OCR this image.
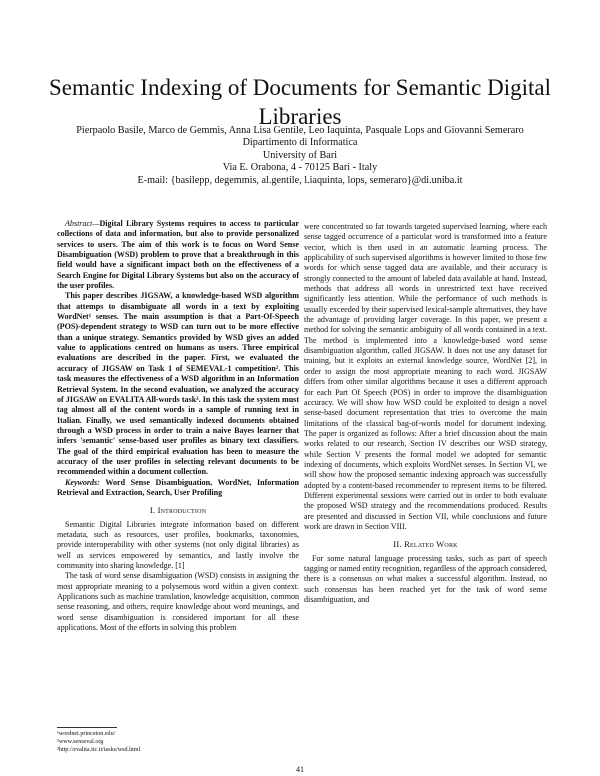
Semantic Indexing of Documents for Semantic Digital Libraries
Pierpaolo Basile, Marco de Gemmis, Anna Lisa Gentile, Leo Iaquinta, Pasquale Lops and Giovanni Semeraro
Dipartimento di Informatica
University of Bari
Via E. Orabona, 4 - 70125 Bari - Italy
E-mail: {basilepp, degemmis, al.gentile, l.iaquinta, lops, semeraro}@di.uniba.it

Abstract—Digital Library Systems requires to access to particular collections of data and information, but also to provide personalized services to users. The aim of this work is to focus on Word Sense Disambiguation (WSD) problem to prove that a breakthrough in this field would have a significant impact both on the effectiveness of a Search Engine for Digital Library Systems but also on the accuracy of the user profiles.

This paper describes JIGSAW, a knowledge-based WSD algorithm that attemps to disambiguate all words in a text by exploiting WordNet¹ senses. The main assumption is that a Part-Of-Speech (POS)-dependent strategy to WSD can turn out to be more effective than a unique strategy. Semantics provided by WSD gives an added value to applications centred on humans as users. Three empirical evaluations are described in the paper. First, we evaluated the accuracy of JIGSAW on Task 1 of SEMEVAL-1 competition². This task measures the effectiveness of a WSD algorithm in an Information Retrieval System. In the second evaluation, we analyzed the accuracy of JIGSAW on EVALITA All-words task³. In this task the system must tag almost all of the content words in a sample of running text in Italian. Finally, we used semantically indexed documents obtained through a WSD process in order to train a naive Bayes learner that infers 'semantic' sense-based user profiles as binary text classifiers. The goal of the third empirical evaluation has been to measure the accuracy of the user profiles in selecting relevant documents to be recommended within a document collection.

Keywords: Word Sense Disambiguation, WordNet, Information Retrieval and Extraction, Search, User Profiling

I. Introduction

Semantic Digital Libraries integrate information based on different metadata, such as resources, user profiles, bookmarks, taxonomies, provide interoperability with other systems (not only digital libraries) as well as services empowered by semantics, and lastly involve the community into sharing knowledge. [1]

The task of word sense disambiguation (WSD) consists in assigning the most appropriate meaning to a polysemous word within a given context. Applications such as machine translation, knowledge acquisition, common sense reasoning, and others, require knowledge about word meanings, and word sense disambiguation is considered important for all these applications. Most of the efforts in solving this problem

were concentrated so far towards targeted supervised learning, where each sense tagged occurrence of a particular word is transformed into a feature vector, which is then used in an automatic learning process. The applicability of such supervised algorithms is however limited to those few words for which sense tagged data are available, and their accuracy is strongly connected to the amount of labeled data available at hand. Instead, methods that address all words in unrestricted text have received significantly less attention. While the performance of such methods is usually exceeded by their supervised lexical-sample alternatives, they have the advantage of providing larger coverage. In this paper, we present a method for solving the semantic ambiguity of all words contained in a text. The method is implemented into a knowledge-based word sense disambiguation algorithm, called JIGSAW. It does not use any dataset for training, but it exploits an external knowledge source, WordNet [2], in order to assign the most appropriate meaning to each word. JIGSAW differs from other similar algorithms because it uses a different approach for each Part Of Speech (POS) in order to improve the disambiguation accuracy. We will show how WSD could be exploited to design a novel sense-based document representation that tries to overcome the main limitations of the classical bag-of-words model for document indexing. The paper is organized as follows: After a brief discussion about the main works related to our research, Section IV describes our WSD strategy, while Section V presents the formal model we adopted for semantic indexing of documents, which exploits WordNet senses. In Section VI, we will show how the proposed semantic indexing approach was successfully adopted by a content-based recommender to represent items to be filtered. Different experimental sessions were carried out in order to both evaluate the proposed WSD strategy and the recommendations produced. Results are presented and discussed in Section VII, while conclusions and future work are drawn in Section VIII.

II. Related Work

For some natural language processing tasks, such as part of speech tagging or named entity recognition, regardless of the approach considered, there is a consensus on what makes a successful algorithm. Instead, no such consensus has been reached yet for the task of word sense disambiguation, and

¹wordnet.princeton.edu/
²www.senseval.org
³http://evalita.itc.it/tasks/wsd.html
41
